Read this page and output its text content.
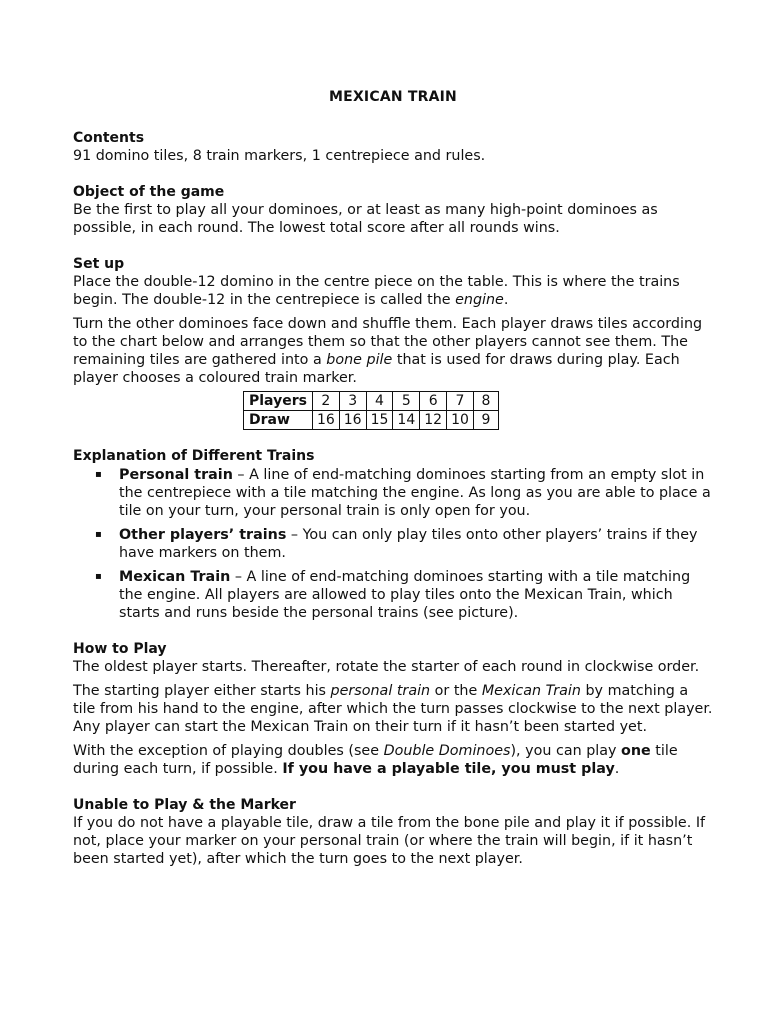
MEXICAN TRAIN
Contents

91 domino tiles, 8 train markers, 1 centrepiece and rules.

Object of the game

Be the first to play all your dominoes, or at least as many high-point dominoes as possible, in each round. The lowest total score after all rounds wins.

Set up

Place the double-12 domino in the centre piece on the table. This is where the trains begin. The double-12 in the centrepiece is called the engine.

Turn the other dominoes face down and shuffle them. Each player draws tiles according to the chart below and arranges them so that the other players cannot see them. The remaining tiles are gathered into a bone pile that is used for draws during play. Each player chooses a coloured train marker.

Players	2	3	4	5	6	7	8
Draw	16	16	15	14	12	10	9
Explanation of Different Trains
▪ Personal train – A line of end-matching dominoes starting from an empty slot in the centrepiece with a tile matching the engine. As long as you are able to place a tile on your turn, your personal train is only open for you.
▪ Other players’ trains – You can only play tiles onto other players’ trains if they have markers on them.
▪ Mexican Train – A line of end-matching dominoes starting with a tile matching the engine. All players are allowed to play tiles onto the Mexican Train, which starts and runs beside the personal trains (see picture).
How to Play

The oldest player starts. Thereafter, rotate the starter of each round in clockwise order.

The starting player either starts his personal train or the Mexican Train by matching a tile from his hand to the engine, after which the turn passes clockwise to the next player. Any player can start the Mexican Train on their turn if it hasn’t been started yet.

With the exception of playing doubles (see Double Dominoes), you can play one tile during each turn, if possible. If you have a playable tile, you must play.

Unable to Play & the Marker

If you do not have a playable tile, draw a tile from the bone pile and play it if possible. If not, place your marker on your personal train (or where the train will begin, if it hasn’t been started yet), after which the turn goes to the next player.
